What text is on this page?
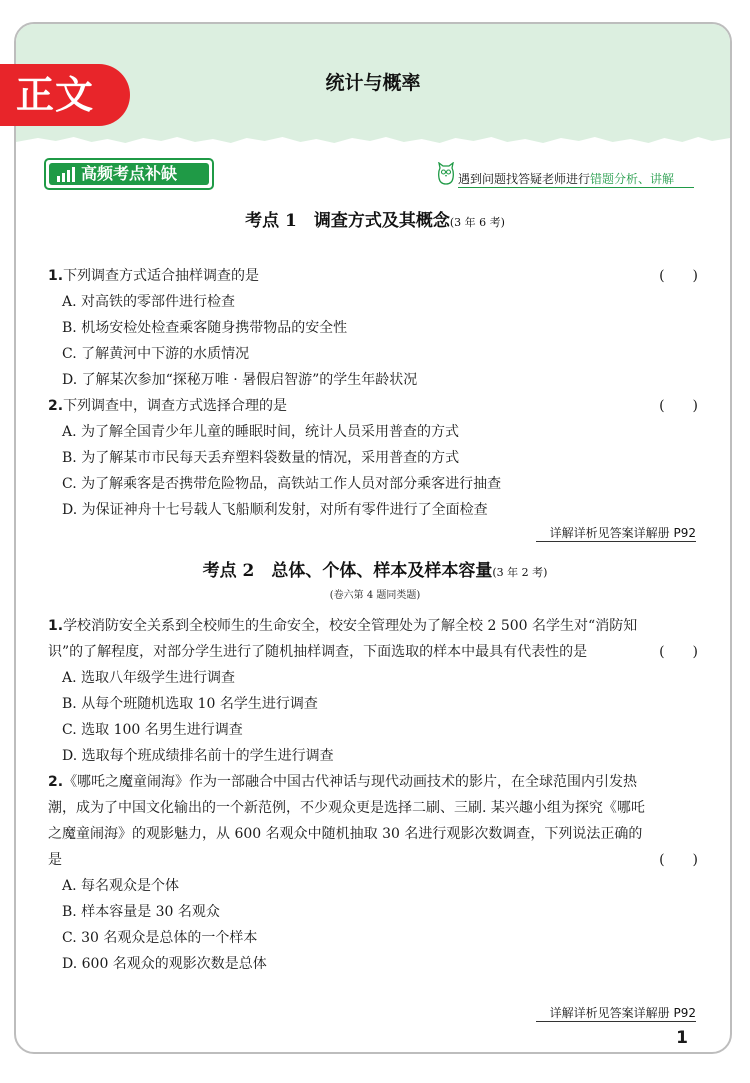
统计与概率
正文
高频考点补缺	遇到问题找答疑老师进行错题分析、讲解
考点 1　调查方式及其概念(3 年 6 考)
1.下列调查方式适合抽样调查的是	(　　)
A. 对高铁的零部件进行检查
B. 机场安检处检查乘客随身携带物品的安全性
C. 了解黄河中下游的水质情况
D. 了解某次参加“探秘万唯 · 暑假启智游”的学生年龄状况
2.下列调查中，调查方式选择合理的是	(　　)
A. 为了解全国青少年儿童的睡眠时间，统计人员采用普查的方式
B. 为了解某市市民每天丢弃塑料袋数量的情况，采用普查的方式
C. 为了解乘客是否携带危险物品，高铁站工作人员对部分乘客进行抽查
D. 为保证神舟十七号载人飞船顺利发射，对所有零件进行了全面检查
详解详析见答案详解册 P92
考点 2　总体、个体、样本及样本容量(3 年 2 考)
(卷六第 4 题同类题)
1.学校消防安全关系到全校师生的生命安全，校安全管理处为了解全校 2 500 名学生对“消防知
识”的了解程度，对部分学生进行了随机抽样调查，下面选取的样本中最具有代表性的是	(　　)
A. 选取八年级学生进行调查
B. 从每个班随机选取 10 名学生进行调查
C. 选取 100 名男生进行调查
D. 选取每个班成绩排名前十的学生进行调查
2.《哪吒之魔童闹海》作为一部融合中国古代神话与现代动画技术的影片，在全球范围内引发热
潮，成为了中国文化输出的一个新范例，不少观众更是选择二刷、三刷. 某兴趣小组为探究《哪吒
之魔童闹海》的观影魅力，从 600 名观众中随机抽取 30 名进行观影次数调查，下列说法正确的
是	(　　)
A. 每名观众是个体
B. 样本容量是 30 名观众
C. 30 名观众是总体的一个样本
D. 600 名观众的观影次数是总体
详解详析见答案详解册 P92
1
